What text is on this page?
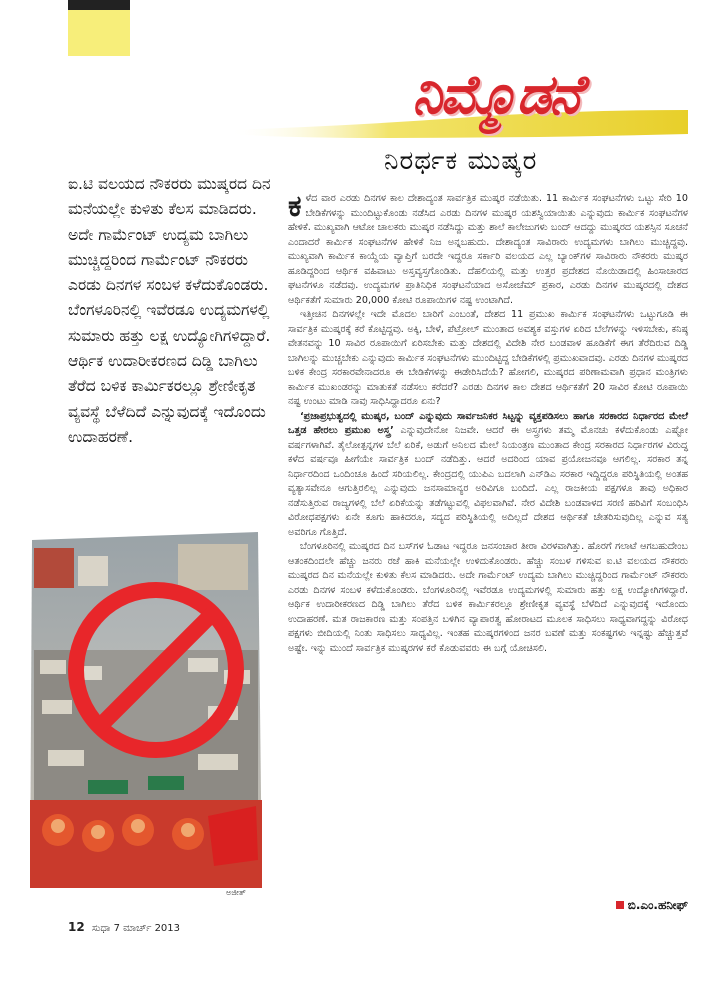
ನಿಮ್ಮೊಡನೆ
ನಿರರ್ಥಕ ಮುಷ್ಕರ

ಐ.ಟಿ ವಲಯದ ನೌಕರರು ಮುಷ್ಕರದ ದಿನ ಮನೆಯಲ್ಲೇ ಕುಳಿತು ಕೆಲಸ ಮಾಡಿದರು. ಅದೇ ಗಾರ್ಮೆಂಟ್ ಉದ್ಯಮ ಬಾಗಿಲು ಮುಚ್ಚಿದ್ದರಿಂದ ಗಾರ್ಮೆಂಟ್ ನೌಕರರು ಎರಡು ದಿನಗಳ ಸಂಬಳ ಕಳೆದುಕೊಂಡರು. ಬೆಂಗಳೂರಿನಲ್ಲಿ ಇವೆರಡೂ ಉದ್ಯಮಗಳಲ್ಲಿ ಸುಮಾರು ಹತ್ತು ಲಕ್ಷ ಉದ್ಯೋಗಿಗಳಿದ್ದಾರೆ. ಆರ್ಥಿಕ ಉದಾರೀಕರಣದ ದಿಡ್ಡಿ ಬಾಗಿಲು ತೆರೆದ ಬಳಿಕ ಕಾರ್ಮಿಕರಲ್ಲೂ ಶ್ರೇಣೀಕೃತ ವ್ಯವಸ್ಥೆ ಬೆಳೆದಿದೆ ಎನ್ನುವುದಕ್ಕೆ ಇದೊಂದು ಉದಾಹರಣೆ.

ಕಳೆದ ವಾರ ಎರಡು ದಿನಗಳ ಕಾಲ ದೇಶಾದ್ಯಂತ ಸಾರ್ವತ್ರಿಕ ಮುಷ್ಕರ ನಡೆಯಿತು. 11 ಕಾರ್ಮಿಕ ಸಂಘಟನೆಗಳು ಒಟ್ಟು ಸೇರಿ 10 ಬೇಡಿಕೆಗಳನ್ನು ಮುಂದಿಟ್ಟುಕೊಂಡು ನಡೆಸಿದ ಎರಡು ದಿನಗಳ ಮುಷ್ಕರ ಯಶಸ್ವಿಯಾಯಿತು ಎನ್ನುವುದು ಕಾರ್ಮಿಕ ಸಂಘಟನೆಗಳ ಹೇಳಿಕೆ. ಮುಖ್ಯವಾಗಿ ಆಟೋ ಚಾಲಕರು ಮುಷ್ಕರ ನಡೆಸಿದ್ದು ಮತ್ತು ಶಾಲೆ ಕಾಲೇಜುಗಳು ಬಂದ್ ಆದದ್ದು ಮುಷ್ಕರದ ಯಶಸ್ಸಿನ ಸೂಚನೆ ಎಂದಾದರೆ ಕಾರ್ಮಿಕ ಸಂಘಟನೆಗಳ ಹೇಳಿಕೆ ನಿಜ ಅನ್ನಬಹುದು. ದೇಶಾದ್ಯಂತ ಸಾವಿರಾರು ಉದ್ಯಮಗಳು ಬಾಗಿಲು ಮುಚ್ಚಿದ್ದವು. ಮುಖ್ಯವಾಗಿ ಕಾರ್ಮಿಕ ಕಾಯ್ದೆಯ ವ್ಯಾಪ್ತಿಗೆ ಬರದೇ ಇದ್ದರೂ ಸರ್ಕಾರಿ ವಲಯದ ಎಲ್ಲ ಬ್ಯಾಂಕ್‌ಗಳ ಸಾವಿರಾರು ನೌಕರರು ಮುಷ್ಕರ ಹೂಡಿದ್ದರಿಂದ ಆರ್ಥಿಕ ವಹಿವಾಟು ಅಸ್ತವ್ಯಸ್ತಗೊಂಡಿತು. ದೆಹಲಿಯಲ್ಲಿ ಮತ್ತು ಉತ್ತರ ಪ್ರದೇಶದ ನೊಯಿಡಾದಲ್ಲಿ ಹಿಂಸಾಚಾರದ ಘಟನೆಗಳೂ ನಡೆದವು. ಉದ್ಯಮಗಳ ಪ್ರಾತಿನಿಧಿಕ ಸಂಘಟನೆಯಾದ ಅಸೋಚೆಮ್ ಪ್ರಕಾರ, ಎರಡು ದಿನಗಳ ಮುಷ್ಕರದಲ್ಲಿ ದೇಶದ ಆರ್ಥಿಕತೆಗೆ ಸುಮಾರು 20,000 ಕೋಟಿ ರೂಪಾಯಿಗಳ ನಷ್ಟ ಉಂಟಾಗಿದೆ.

ಇತ್ತೀಚಿನ ದಿನಗಳಲ್ಲೇ ಇದೇ ಮೊದಲ ಬಾರಿಗೆ ಎಂಬಂತೆ, ದೇಶದ 11 ಪ್ರಮುಖ ಕಾರ್ಮಿಕ ಸಂಘಟನೆಗಳು ಒಟ್ಟುಗೂಡಿ ಈ ಸಾರ್ವತ್ರಿಕ ಮುಷ್ಕರಕ್ಕೆ ಕರೆ ಕೊಟ್ಟಿದ್ದವು. ಅಕ್ಕಿ, ಬೇಳೆ, ಪೆಟ್ರೋಲ್ ಮುಂತಾದ ಅವಶ್ಯಕ ವಸ್ತುಗಳ ಏರಿದ ಬೆಲೆಗಳನ್ನು ಇಳಿಸಬೇಕು, ಕನಿಷ್ಠ ವೇತನವನ್ನು 10 ಸಾವಿರ ರೂಪಾಯಿಗೆ ಏರಿಸಬೇಕು ಮತ್ತು ದೇಶದಲ್ಲಿ ವಿದೇಶಿ ನೇರ ಬಂಡವಾಳ ಹೂಡಿಕೆಗೆ ಈಗ ತೆರೆದಿರುವ ದಿಡ್ಡಿ ಬಾಗಿಲನ್ನು ಮುಚ್ಚಬೇಕು ಎನ್ನುವುದು ಕಾರ್ಮಿಕ ಸಂಘಟನೆಗಳು ಮುಂದಿಟ್ಟಿದ್ದ ಬೇಡಿಕೆಗಳಲ್ಲಿ ಪ್ರಮುಖವಾದವು. ಎರಡು ದಿನಗಳ ಮುಷ್ಕರದ ಬಳಿಕ ಕೇಂದ್ರ ಸರಕಾರವೇನಾದರೂ ಈ ಬೇಡಿಕೆಗಳನ್ನು ಈಡೇರಿಸಿದೆಯೆ? ಹೋಗಲಿ, ಮುಷ್ಕರದ ಪರಿಣಾಮವಾಗಿ ಪ್ರಧಾನ ಮಂತ್ರಿಗಳು ಕಾರ್ಮಿಕ ಮುಖಂಡರನ್ನು ಮಾತುಕತೆ ನಡೆಸಲು ಕರೆದರೆ? ಎರಡು ದಿನಗಳ ಕಾಲ ದೇಶದ ಆರ್ಥಿಕತೆಗೆ 20 ಸಾವಿರ ಕೋಟಿ ರೂಪಾಯಿ ನಷ್ಟ ಉಂಟು ಮಾಡಿ ನಾವು ಸಾಧಿಸಿದ್ದಾದರೂ ಏನು?

‘ಪ್ರಜಾಪ್ರಭುತ್ವದಲ್ಲಿ ಮುಷ್ಕರ, ಬಂದ್ ಎನ್ನುವುದು ಸಾರ್ವಜನಿಕರ ಸಿಟ್ಟನ್ನು ವ್ಯಕ್ತಪಡಿಸಲು ಹಾಗೂ ಸರಕಾರದ ನಿರ್ಧಾರದ ಮೇಲೆ ಒತ್ತಡ ಹೇರಲು ಪ್ರಮುಖ ಅಸ್ತ್ರ’ ಎನ್ನುವುದೇನೋ ನಿಜವೇ. ಆದರೆ ಈ ಅಸ್ತ್ರಗಳು ತಮ್ಮ ಮೊನಚು ಕಳೆದುಕೊಂಡು ಎಷ್ಟೋ ವರ್ಷಗಳಾಗಿವೆ. ತೈಲೋತ್ಪನ್ನಗಳ ಬೆಲೆ ಏರಿಕೆ, ಅಡುಗೆ ಅನಿಲದ ಮೇಲೆ ನಿಯಂತ್ರಣ ಮುಂತಾದ ಕೇಂದ್ರ ಸರಕಾರದ ನಿರ್ಧಾರಗಳ ವಿರುದ್ಧ ಕಳೆದ ವರ್ಷವೂ ಹೀಗೆಯೇ ಸಾರ್ವತ್ರಿಕ ಬಂದ್ ನಡೆದಿತ್ತು. ಆದರೆ ಅದರಿಂದ ಯಾವ ಪ್ರಯೋಜನವೂ ಆಗಲಿಲ್ಲ. ಸರಕಾರ ತನ್ನ ನಿರ್ಧಾರದಿಂದ ಒಂದಿಂಚೂ ಹಿಂದೆ ಸರಿಯಲಿಲ್ಲ. ಕೇಂದ್ರದಲ್ಲಿ ಯುಪಿಎ ಬದಲಾಗಿ ಎನ್‌ಡಿಎ ಸರಕಾರ ಇದ್ದಿದ್ದರೂ ಪರಿಸ್ಥಿತಿಯಲ್ಲಿ ಅಂತಹ ವ್ಯತ್ಯಾಸವೇನೂ ಆಗುತ್ತಿರಲಿಲ್ಲ ಎನ್ನುವುದು ಜನಸಾಮಾನ್ಯರ ಅರಿವಿಗೂ ಬಂದಿದೆ. ಎಲ್ಲ ರಾಜಕೀಯ ಪಕ್ಷಗಳೂ ತಾವು ಅಧಿಕಾರ ನಡೆಸುತ್ತಿರುವ ರಾಜ್ಯಗಳಲ್ಲಿ ಬೆಲೆ ಏರಿಕೆಯನ್ನು ತಡೆಗಟ್ಟುವಲ್ಲಿ ವಿಫಲವಾಗಿವೆ. ನೇರ ವಿದೇಶಿ ಬಂಡವಾಳದ ಸರಣಿ ಹರಿವಿಗೆ ಸಂಬಂಧಿಸಿ ವಿರೋಧಪಕ್ಷಗಳು ಏನೇ ಕೂಗು ಹಾಕಿದರೂ, ಸದ್ಯದ ಪರಿಸ್ಥಿತಿಯಲ್ಲಿ ಅದಿಲ್ಲದೆ ದೇಶದ ಆರ್ಥಿಕತೆ ಚೇತರಿಸುವುದಿಲ್ಲ ಎನ್ನುವ ಸತ್ಯ ಅವರಿಗೂ ಗೊತ್ತಿದೆ.

ಬೆಂಗಳೂರಿನಲ್ಲಿ ಮುಷ್ಕರದ ದಿನ ಬಸ್‌ಗಳ ಓಡಾಟ ಇದ್ದರೂ ಜನಸಂಚಾರ ತೀರಾ ವಿರಳವಾಗಿತ್ತು. ಹೊರಗೆ ಗಲಾಟೆ ಆಗಬಹುದೇಂಬ ಆತಂಕದಿಂದಲೇ ಹೆಚ್ಚು ಜನರು ರಜೆ ಹಾಕಿ ಮನೆಯಲ್ಲೇ ಉಳಿದುಕೊಂಡರು. ಹೆಚ್ಚು ಸಂಬಳ ಗಳಿಸುವ ಐ.ಟಿ ವಲಯದ ನೌಕರರು ಮುಷ್ಕರದ ದಿನ ಮನೆಯಲ್ಲೇ ಕುಳಿತು ಕೆಲಸ ಮಾಡಿದರು. ಅದೇ ಗಾರ್ಮೆಂಟ್ ಉದ್ಯಮ ಬಾಗಿಲು ಮುಚ್ಚಿದ್ದರಿಂದ ಗಾರ್ಮೆಂಟ್ ನೌಕರರು ಎರಡು ದಿನಗಳ ಸಂಬಳ ಕಳೆದುಕೊಂಡರು. ಬೆಂಗಳೂರಿನಲ್ಲಿ ಇವೆರಡೂ ಉದ್ಯಮಗಳಲ್ಲಿ ಸುಮಾರು ಹತ್ತು ಲಕ್ಷ ಉದ್ಯೋಗಿಗಳಿದ್ದಾರೆ. ಆರ್ಥಿಕ ಉದಾರೀಕರಣದ ದಿಡ್ಡಿ ಬಾಗಿಲು ತೆರೆದ ಬಳಿಕ ಕಾರ್ಮಿಕರಲ್ಲೂ ಶ್ರೇಣೀಕೃತ ವ್ಯವಸ್ಥೆ ಬೆಳೆದಿದೆ ಎನ್ನುವುದಕ್ಕೆ ಇದೊಂದು ಉದಾಹರಣೆ. ಮತ ರಾಜಕಾರಣ ಮತ್ತು ಸಂಪತ್ತಿನ ಬಳಿಗಿನ ವ್ಯಾಪಾರತ್ವ ಹೋರಾಟದ ಮೂಲಕ ಸಾಧಿಸಲು ಸಾಧ್ಯವಾಗದ್ದನ್ನು ವಿರೋಧ ಪಕ್ಷಗಳು ಬೀದಿಯಲ್ಲಿ ನಿಂತು ಸಾಧಿಸಲು ಸಾಧ್ಯವಿಲ್ಲ. ಇಂತಹ ಮುಷ್ಕರಗಳಿಂದ ಜನರ ಬವಣೆ ಮತ್ತು ಸಂಕಷ್ಟಗಳು ಇನ್ನಷ್ಟು ಹೆಚ್ಚುತ್ತವೆ ಅಷ್ಟೇ. ಇನ್ನು ಮುಂದೆ ಸಾರ್ವತ್ರಿಕ ಮುಷ್ಕರಗಳ ಕರೆ ಕೊಡುವವರು ಈ ಬಗ್ಗೆ ಯೋಚಿಸಲಿ.

ಬಿ.ಎಂ.ಹನೀಫ್
ಅಜೀತ್
12 ಸುಧಾ 7 ಮಾರ್ಚ್ 2013
